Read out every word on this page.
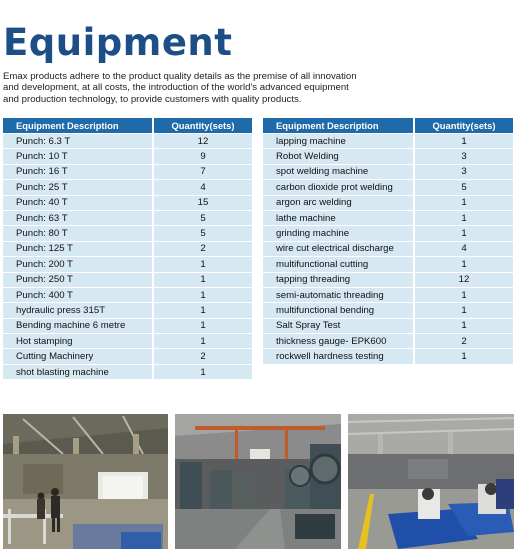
Equipment
Emax products adhere to the product quality details as the premise of all innovation
and development, at all costs, the introduction of the world's advanced equipment
and production technology, to provide customers with quality products.
Equipment Description	Quantity(sets)
Punch: 6.3 T	12
Punch: 10 T	9
Punch: 16 T	7
Punch: 25 T	4
Punch: 40 T	15
Punch: 63 T	5
Punch: 80 T	5
Punch: 125 T	2
Punch: 200 T	1
Punch: 250 T	1
Punch: 400 T	1
hydraulic press 315T	1
Bending machine 6 metre	1
Hot stamping	1
Cutting Machinery	2
shot blasting machine	1
Equipment Description	Quantity(sets)
lapping machine	1
Robot Welding	3
spot welding machine	3
carbon dioxide prot welding	5
argon arc welding	1
lathe machine	1
grinding machine	1
wire cut electrical discharge	4
multifunctional cutting	1
tapping threading	12
semi-automatic threading	1
multifunctional bending	1
Salt Spray Test	1
thickness gauge- EPK600	2
rockwell hardness testing	1
